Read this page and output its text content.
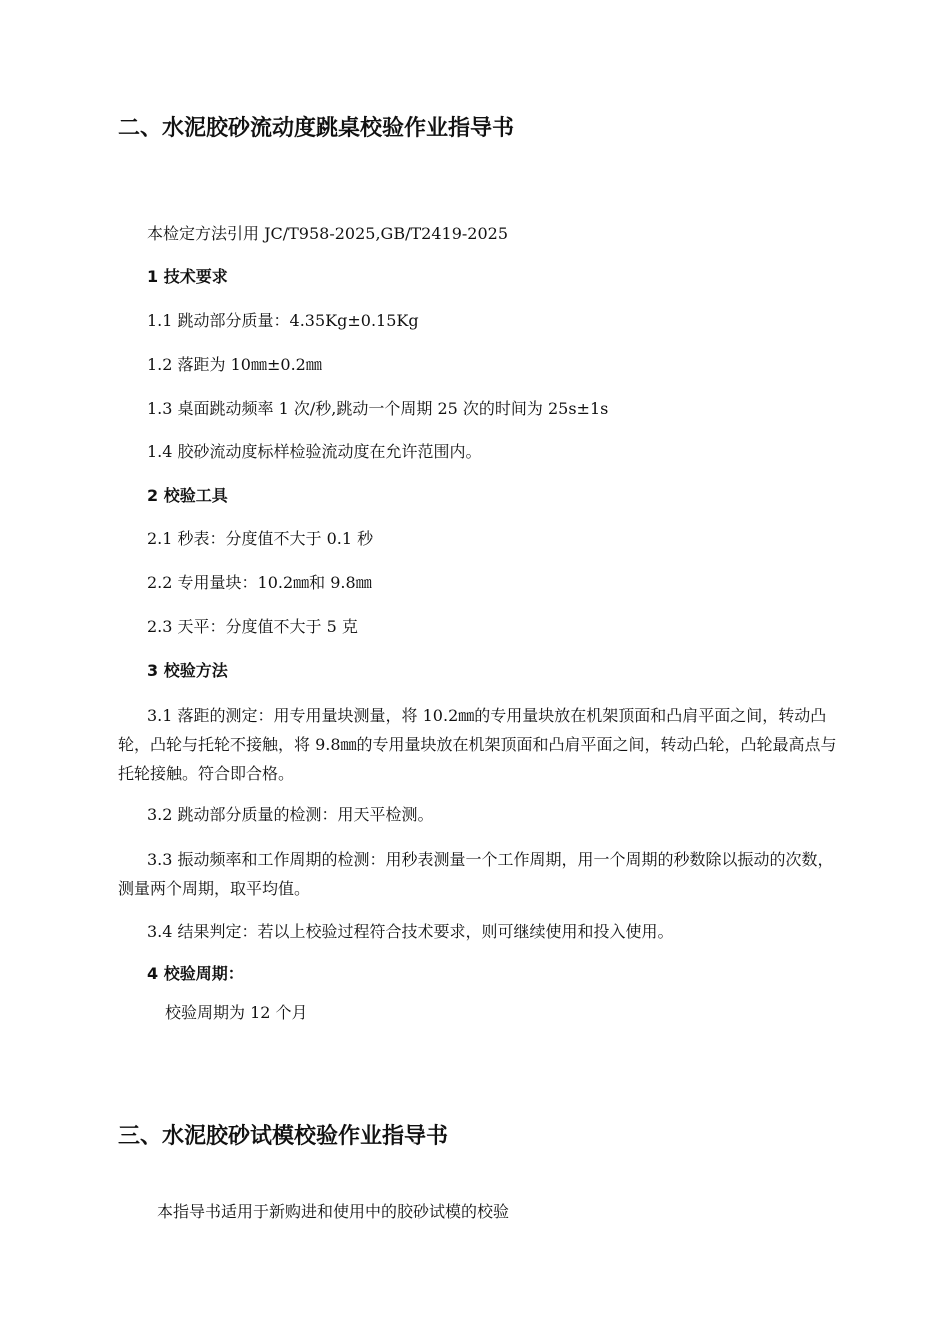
二、水泥胶砂流动度跳桌校验作业指导书

本检定方法引用 JC/T958-2025,GB/T2419-2025

1 技术要求

1.1 跳动部分质量：4.35Kg±0.15Kg

1.2 落距为 10㎜±0.2㎜

1.3 桌面跳动频率 1 次/秒,跳动一个周期 25 次的时间为 25s±1s

1.4 胶砂流动度标样检验流动度在允许范围内。

2 校验工具

2.1 秒表：分度值不大于 0.1 秒

2.2 专用量块：10.2㎜和 9.8㎜

2.3 天平：分度值不大于 5 克

3 校验方法

3.1 落距的测定：用专用量块测量，将 10.2㎜的专用量块放在机架顶面和凸肩平面之间，转动凸轮，凸轮与托轮不接触，将 9.8㎜的专用量块放在机架顶面和凸肩平面之间，转动凸轮，凸轮最高点与托轮接触。符合即合格。

3.2 跳动部分质量的检测：用天平检测。

3.3 振动频率和工作周期的检测：用秒表测量一个工作周期，用一个周期的秒数除以振动的次数，测量两个周期，取平均值。

3.4 结果判定：若以上校验过程符合技术要求，则可继续使用和投入使用。

4 校验周期：

校验周期为 12 个月

三、水泥胶砂试模校验作业指导书

本指导书适用于新购进和使用中的胶砂试模的校验
